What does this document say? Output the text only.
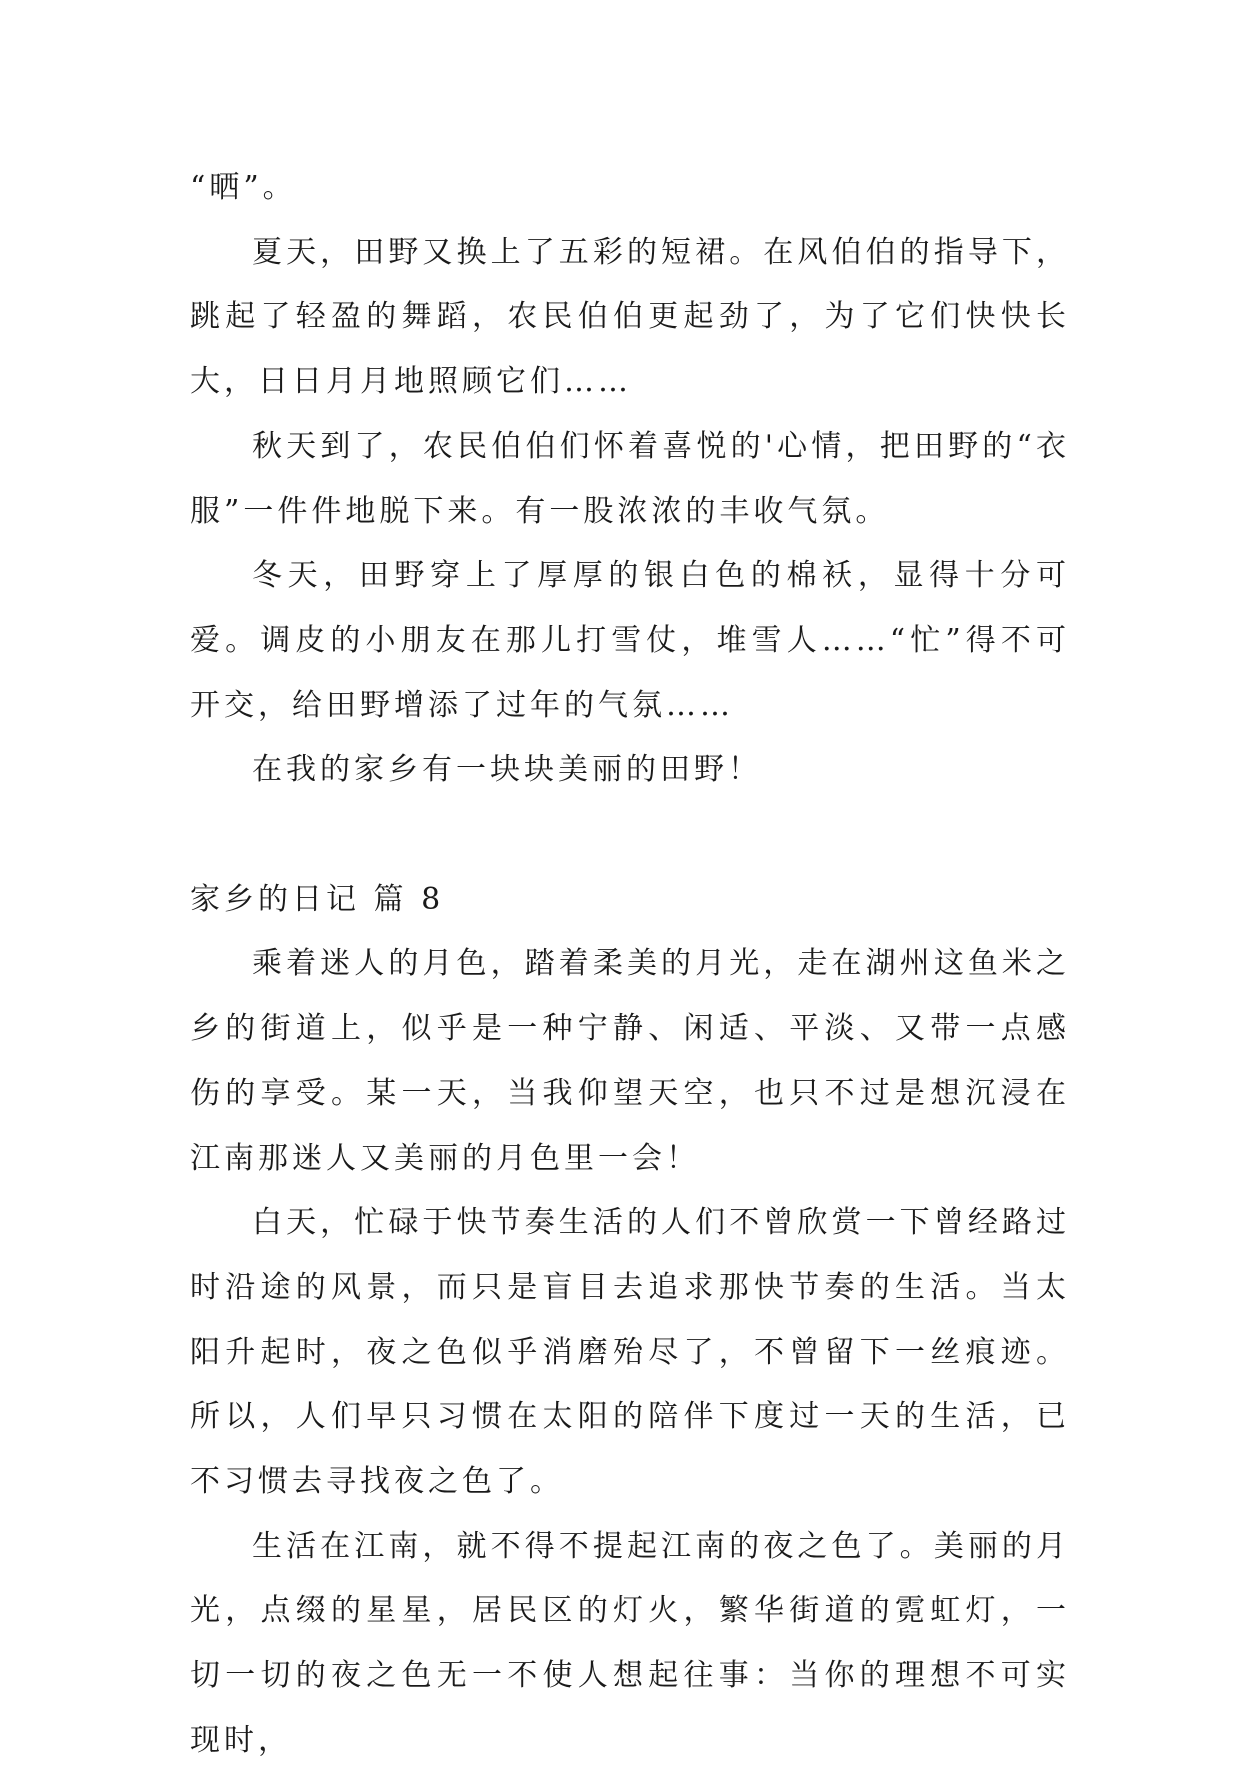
“晒”。

夏天，田野又换上了五彩的短裙。在风伯伯的指导下，跳起了轻盈的舞蹈，农民伯伯更起劲了，为了它们快快长大，日日月月地照顾它们……

秋天到了，农民伯伯们怀着喜悦的'心情，把田野的“衣服”一件件地脱下来。有一股浓浓的丰收气氛。

冬天，田野穿上了厚厚的银白色的棉袄，显得十分可爱。调皮的小朋友在那儿打雪仗，堆雪人……“忙”得不可开交，给田野增添了过年的气氛……

在我的家乡有一块块美丽的田野！

家乡的日记 篇 8

乘着迷人的月色，踏着柔美的月光，走在湖州这鱼米之乡的街道上，似乎是一种宁静、闲适、平淡、又带一点感伤的享受。某一天，当我仰望天空，也只不过是想沉浸在江南那迷人又美丽的月色里一会！

白天，忙碌于快节奏生活的人们不曾欣赏一下曾经路过时沿途的风景，而只是盲目去追求那快节奏的生活。当太阳升起时，夜之色似乎消磨殆尽了，不曾留下一丝痕迹。所以，人们早只习惯在太阳的陪伴下度过一天的生活，已不习惯去寻找夜之色了。

生活在江南，就不得不提起江南的夜之色了。美丽的月光，点缀的星星，居民区的灯火，繁华街道的霓虹灯，一切一切的夜之色无一不使人想起往事：当你的理想不可实现时，
